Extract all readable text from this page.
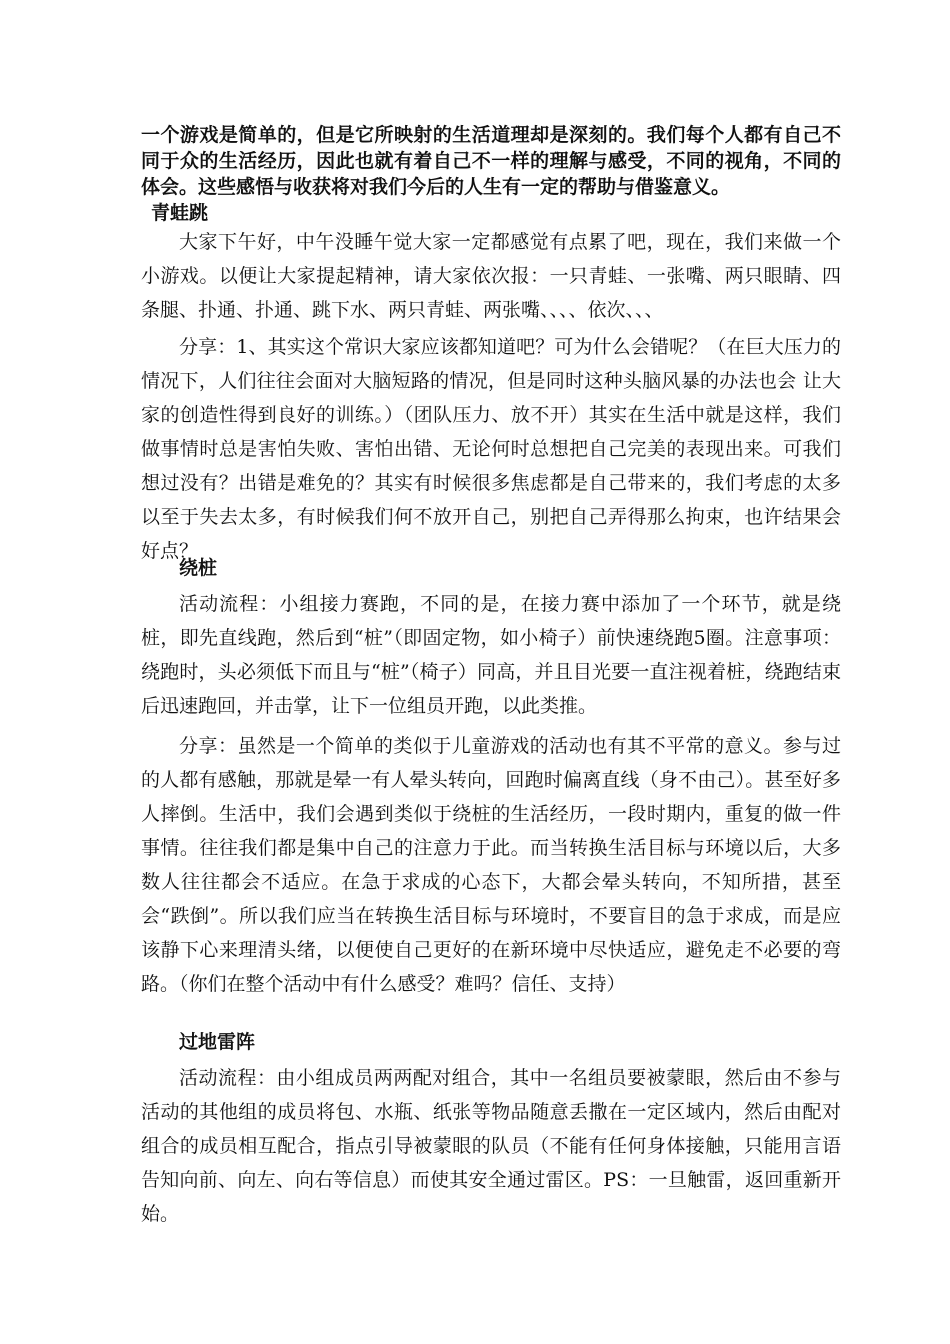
一个游戏是简单的，但是它所映射的生活道理却是深刻的。我们每个人都有自己不同于众的生活经历，因此也就有着自己不一样的理解与感受，不同的视角，不同的体会。这些感悟与收获将对我们今后的人生有一定的帮助与借鉴意义。
青蛙跳
大家下午好，中午没睡午觉大家一定都感觉有点累了吧，现在，我们来做一个小游戏。以便让大家提起精神，请大家依次报：一只青蛙、一张嘴、两只眼睛、四条腿、扑通、扑通、跳下水、两只青蛙、两张嘴、、、、依次、、、
分享：1、其实这个常识大家应该都知道吧？可为什么会错呢？（在巨大压力的情况下，人们往往会面对大脑短路的情况，但是同时这种头脑风暴的办法也会 让大家的创造性得到良好的训练。）（团队压力、放不开）其实在生活中就是这样，我们做事情时总是害怕失败、害怕出错、无论何时总想把自己完美的表现出来。可我们想过没有？出错是难免的？其实有时候很多焦虑都是自己带来的，我们考虑的太多以至于失去太多，有时候我们何不放开自己，别把自己弄得那么拘束，也许结果会好点？
绕桩
活动流程：小组接力赛跑，不同的是，在接力赛中添加了一个环节，就是绕桩，即先直线跑，然后到“桩”（即固定物，如小椅子）前快速绕跑5圈。注意事项：绕跑时，头必须低下而且与“桩”（椅子）同高，并且目光要一直注视着桩，绕跑结束后迅速跑回，并击掌，让下一位组员开跑，以此类推。
分享：虽然是一个简单的类似于儿童游戏的活动也有其不平常的意义。参与过的人都有感触，那就是晕一有人晕头转向，回跑时偏离直线（身不由己）。甚至好多人摔倒。生活中，我们会遇到类似于绕桩的生活经历，一段时期内，重复的做一件事情。往往我们都是集中自己的注意力于此。而当转换生活目标与环境以后，大多数人往往都会不适应。在急于求成的心态下，大都会晕头转向，不知所措，甚至会“跌倒”。所以我们应当在转换生活目标与环境时，不要盲目的急于求成，而是应该静下心来理清头绪，以便使自己更好的在新环境中尽快适应，避免走不必要的弯路。（你们在整个活动中有什么感受？难吗？信任、支持）
过地雷阵
活动流程：由小组成员两两配对组合，其中一名组员要被蒙眼，然后由不参与活动的其他组的成员将包、水瓶、纸张等物品随意丢撒在一定区域内，然后由配对组合的成员相互配合，指点引导被蒙眼的队员（不能有任何身体接触，只能用言语告知向前、向左、向右等信息）而使其安全通过雷区。PS：一旦触雷，返回重新开始。
